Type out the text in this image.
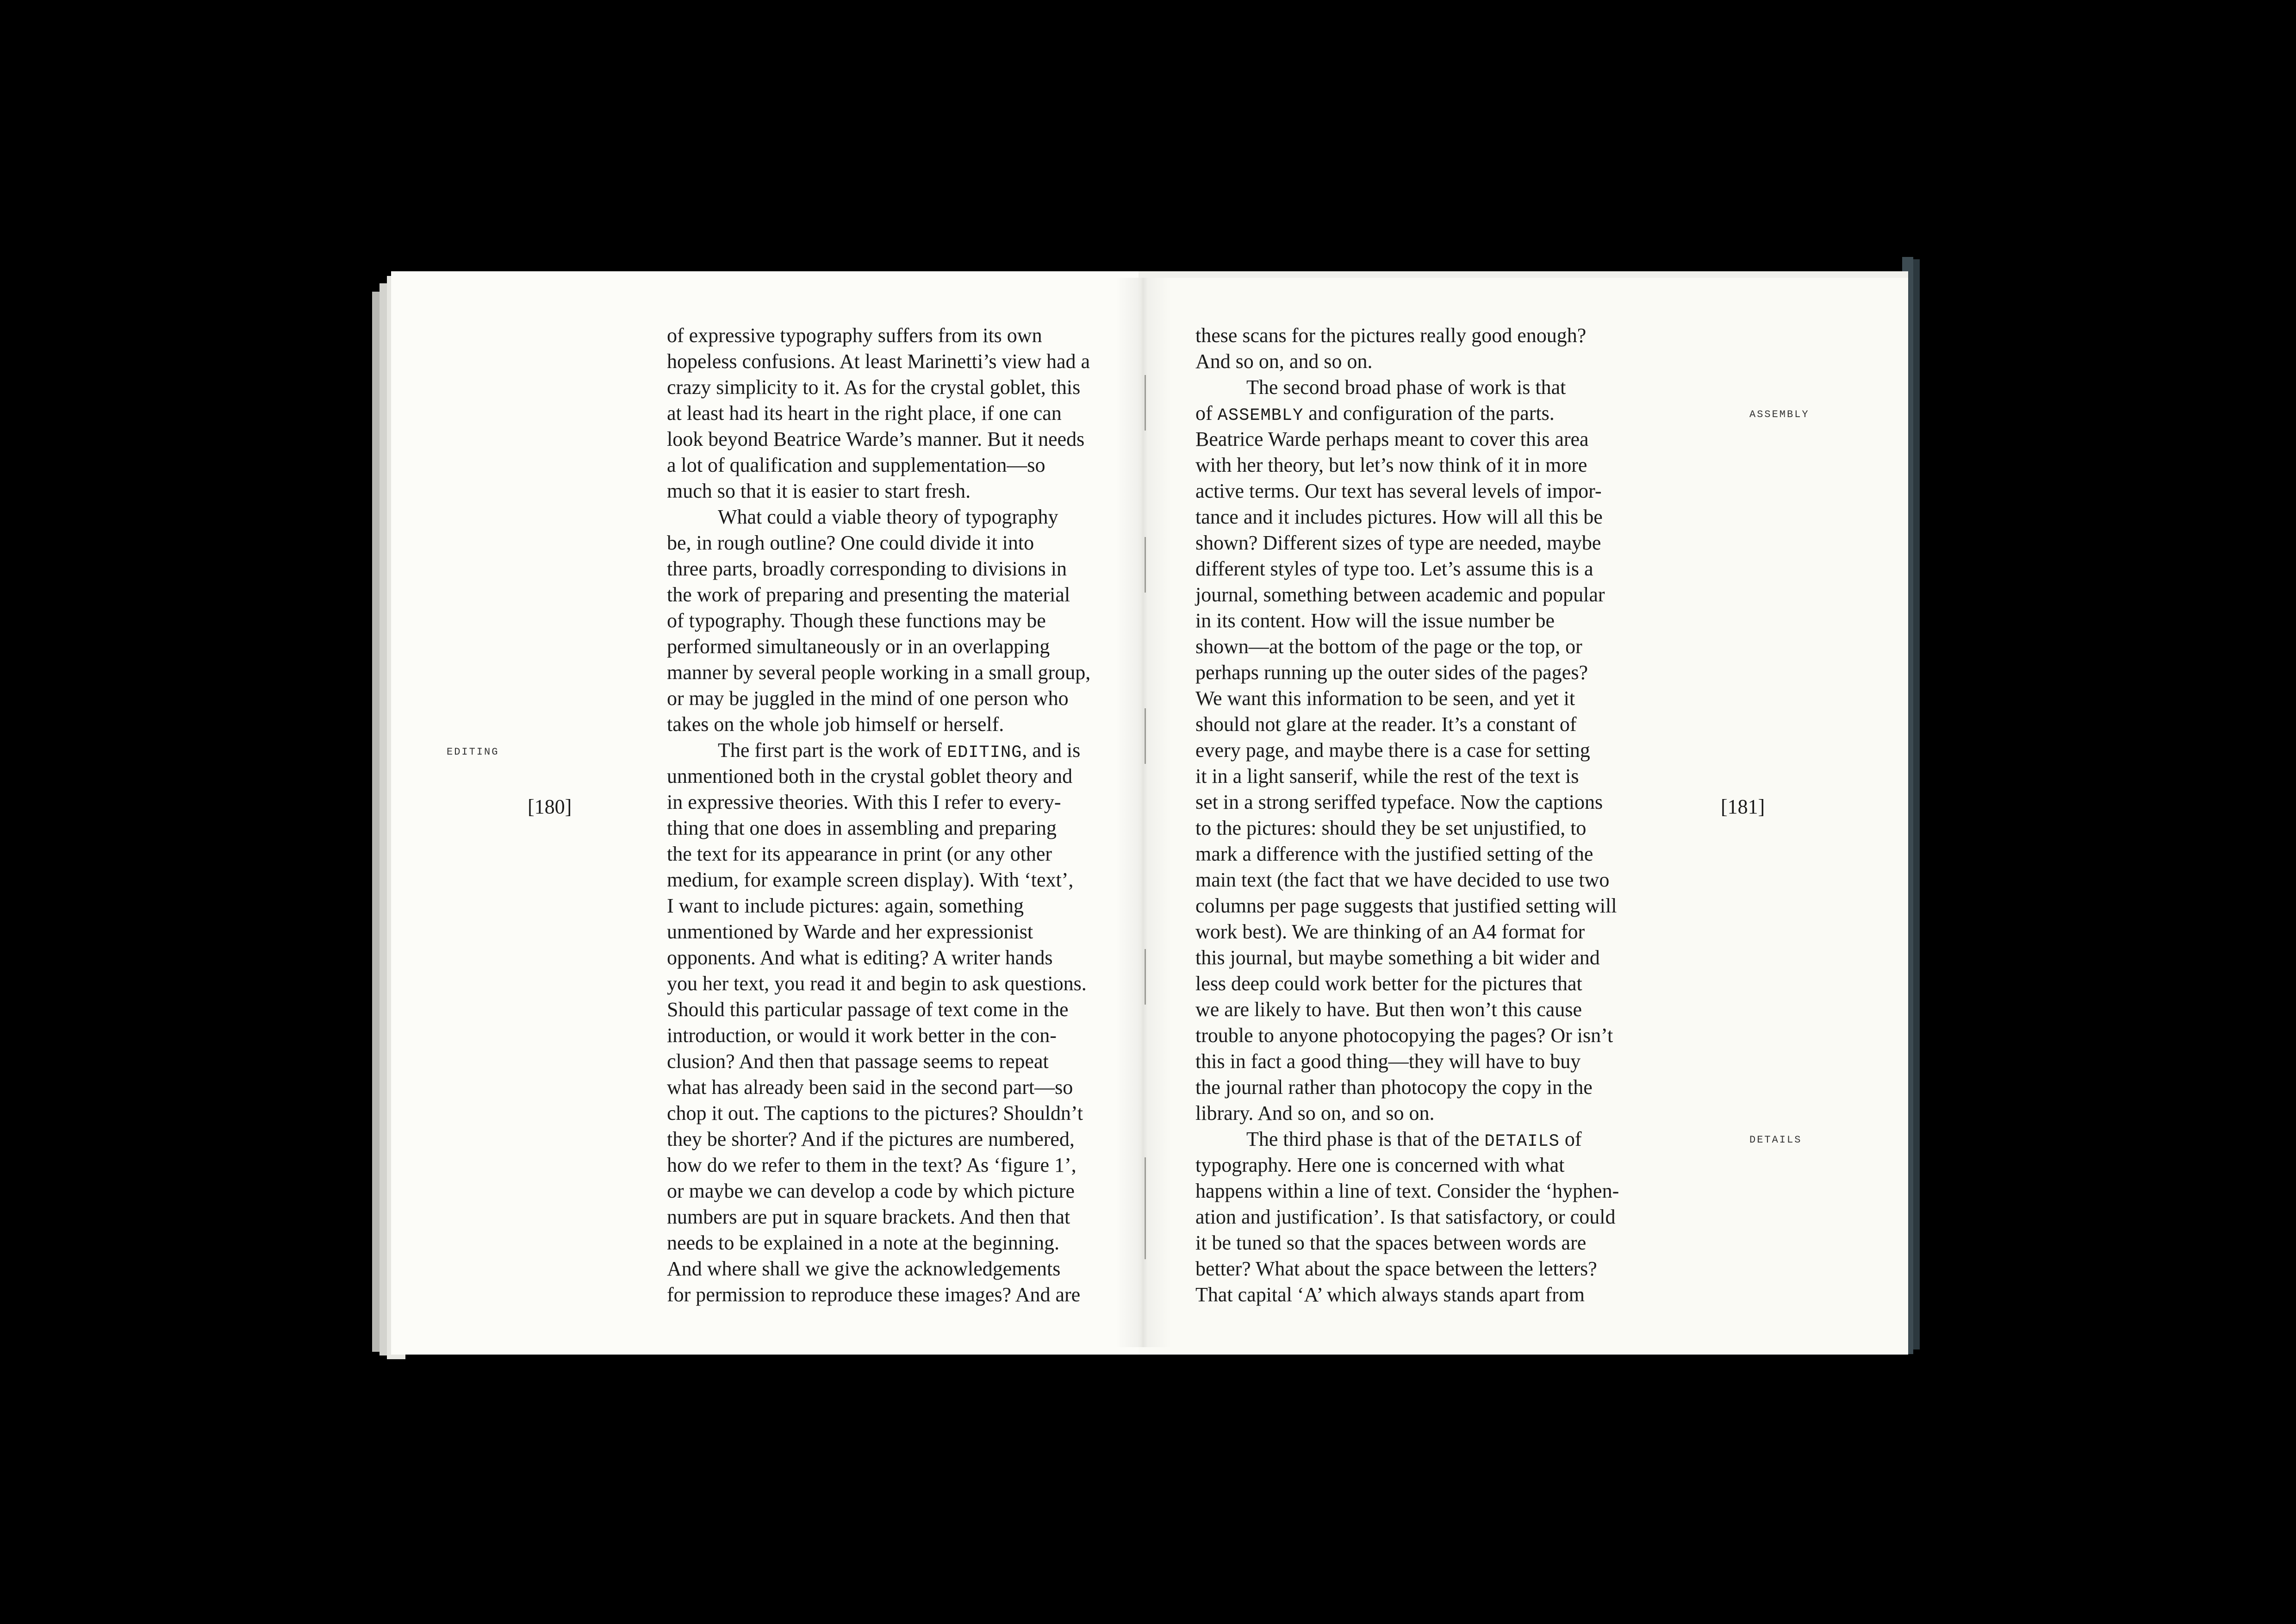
EDITING
[180]
ASSEMBLY
DETAILS
[181]
of expressive typography suffers from its own
hopeless confusions. At least Marinetti’s view had a
crazy simplicity to it. As for the crystal goblet, this
at least had its heart in the right place, if one can
look beyond Beatrice Warde’s manner. But it needs
a lot of qualification and supplementation—so
much so that it is easier to start fresh.
What could a viable theory of typography
be, in rough outline? One could divide it into
three parts, broadly corresponding to divisions in
the work of preparing and presenting the material
of typography. Though these functions may be
performed simultaneously or in an overlapping
manner by several people working in a small group,
or may be juggled in the mind of one person who
takes on the whole job himself or herself.
The first part is the work of EDITING, and is
unmentioned both in the crystal goblet theory and
in expressive theories. With this I refer to every-
thing that one does in assembling and preparing
the text for its appearance in print (or any other
medium, for example screen display). With ‘text’,
I want to include pictures: again, something
unmentioned by Warde and her expressionist
opponents. And what is editing? A writer hands
you her text, you read it and begin to ask questions.
Should this particular passage of text come in the
introduction, or would it work better in the con-
clusion? And then that passage seems to repeat
what has already been said in the second part—so
chop it out. The captions to the pictures? Shouldn’t
they be shorter? And if the pictures are numbered,
how do we refer to them in the text? As ‘figure 1’,
or maybe we can develop a code by which picture
numbers are put in square brackets. And then that
needs to be explained in a note at the beginning.
And where shall we give the acknowledgements
for permission to reproduce these images? And are
these scans for the pictures really good enough?
And so on, and so on.
The second broad phase of work is that
of ASSEMBLY and configuration of the parts.
Beatrice Warde perhaps meant to cover this area
with her theory, but let’s now think of it in more
active terms. Our text has several levels of impor-
tance and it includes pictures. How will all this be
shown? Different sizes of type are needed, maybe
different styles of type too. Let’s assume this is a
journal, something between academic and popular
in its content. How will the issue number be
shown—at the bottom of the page or the top, or
perhaps running up the outer sides of the pages?
We want this information to be seen, and yet it
should not glare at the reader. It’s a constant of
every page, and maybe there is a case for setting
it in a light sanserif, while the rest of the text is
set in a strong seriffed typeface. Now the captions
to the pictures: should they be set unjustified, to
mark a difference with the justified setting of the
main text (the fact that we have decided to use two
columns per page suggests that justified setting will
work best). We are thinking of an A4 format for
this journal, but maybe something a bit wider and
less deep could work better for the pictures that
we are likely to have. But then won’t this cause
trouble to anyone photocopying the pages? Or isn’t
this in fact a good thing—they will have to buy
the journal rather than photocopy the copy in the
library. And so on, and so on.
The third phase is that of the DETAILS of
typography. Here one is concerned with what
happens within a line of text. Consider the ‘hyphen-
ation and justification’. Is that satisfactory, or could
it be tuned so that the spaces between words are
better? What about the space between the letters?
That capital ‘A’ which always stands apart from
